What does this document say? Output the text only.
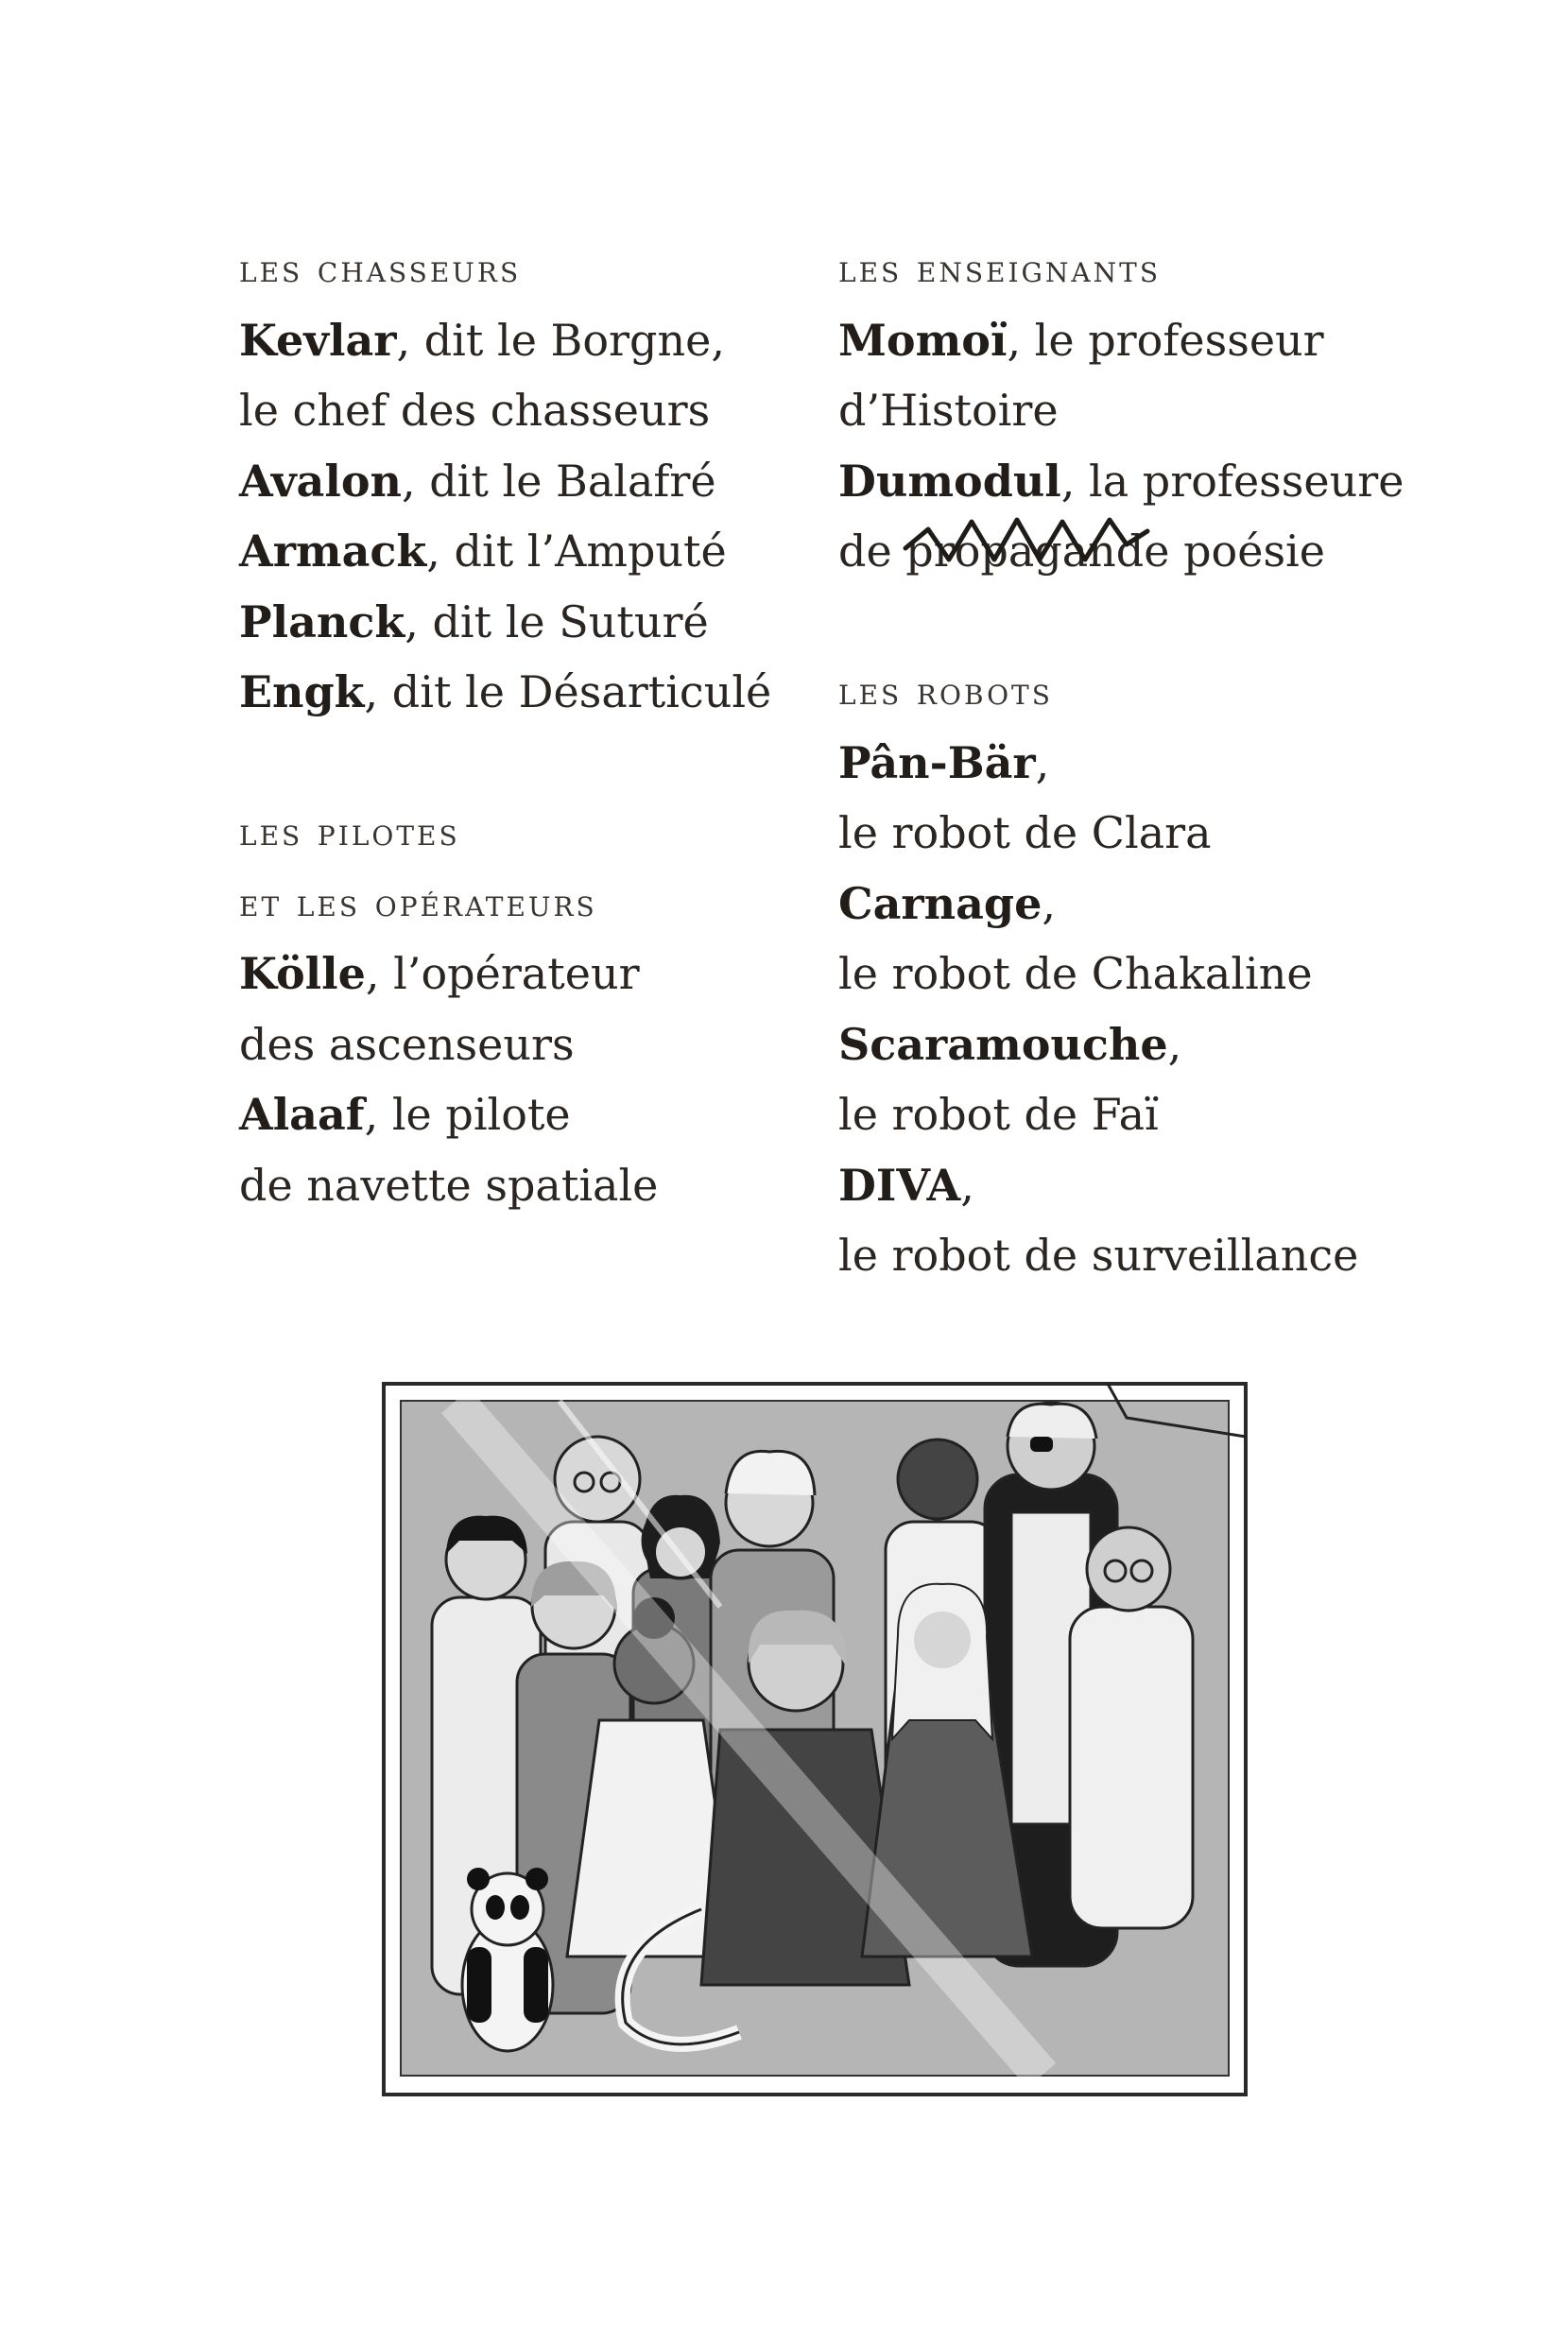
les chasseurs
Kevlar, dit le Borgne,
le chef des chasseurs
Avalon, dit le Balafré
Armack, dit l’Amputé
Planck, dit le Suturé
Engk, dit le Désarticulé
les pilotes
et les opérateurs
Kölle, l’opérateur
des ascenseurs
Alaaf, le pilote
de navette spatiale
les enseignants
Momoï, le professeur
d’Histoire
Dumodul, la professeure
de propagande
poésie
les robots
Pân-Bär,
le robot de Clara
Carnage,
le robot de Chakaline
Scaramouche,
le robot de Faï
DIVA,
le robot de surveillance
